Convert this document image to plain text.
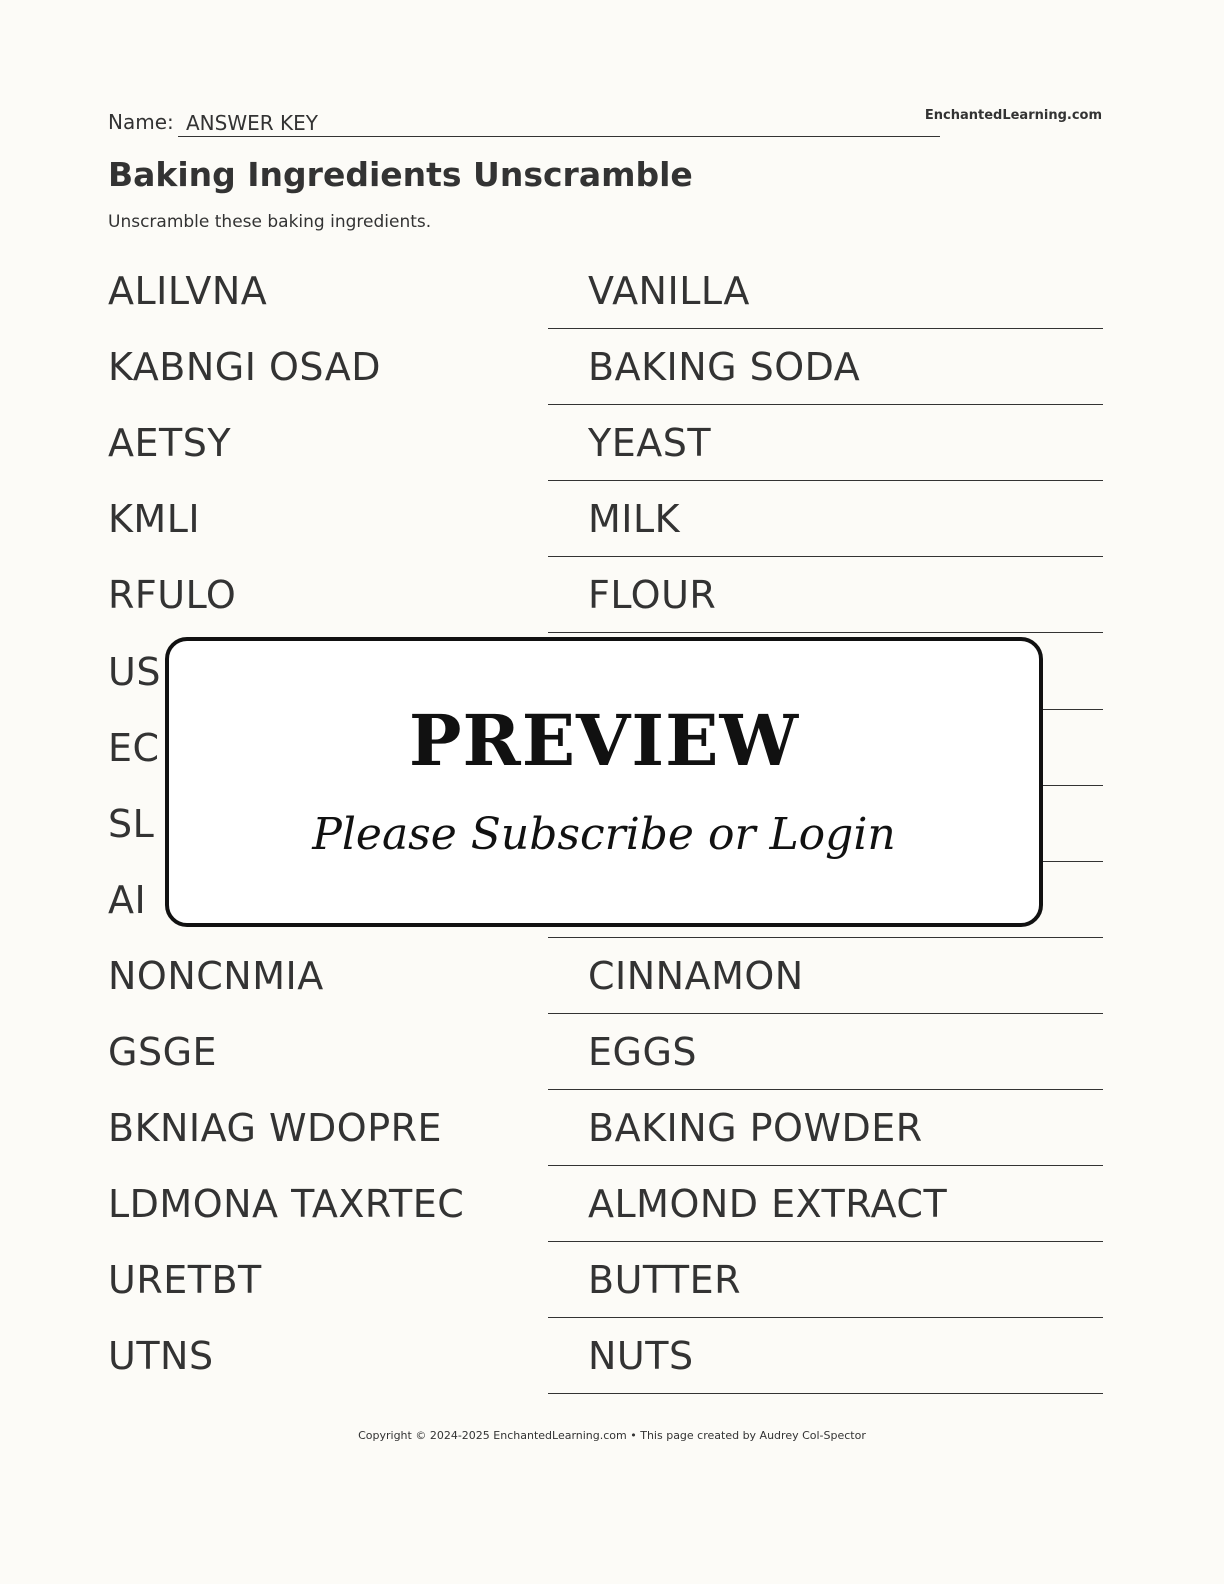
Name: ANSWER KEY	EnchantedLearning.com
Baking Ingredients Unscramble
Unscramble these baking ingredients.
ALILVNA	VANILLA
KABNGI OSAD	BAKING SODA
AETSY	YEAST
KMLI	MILK
RFULO	FLOUR
US
EC
SL
AI
NONCNMIA	CINNAMON
GSGE	EGGS
BKNIAG WDOPRE	BAKING POWDER
LDMONA TAXRTEC	ALMOND EXTRACT
URETBT	BUTTER
UTNS	NUTS
PREVIEW
Please Subscribe or Login
Copyright © 2024-2025 EnchantedLearning.com • This page created by Audrey Col-Spector
